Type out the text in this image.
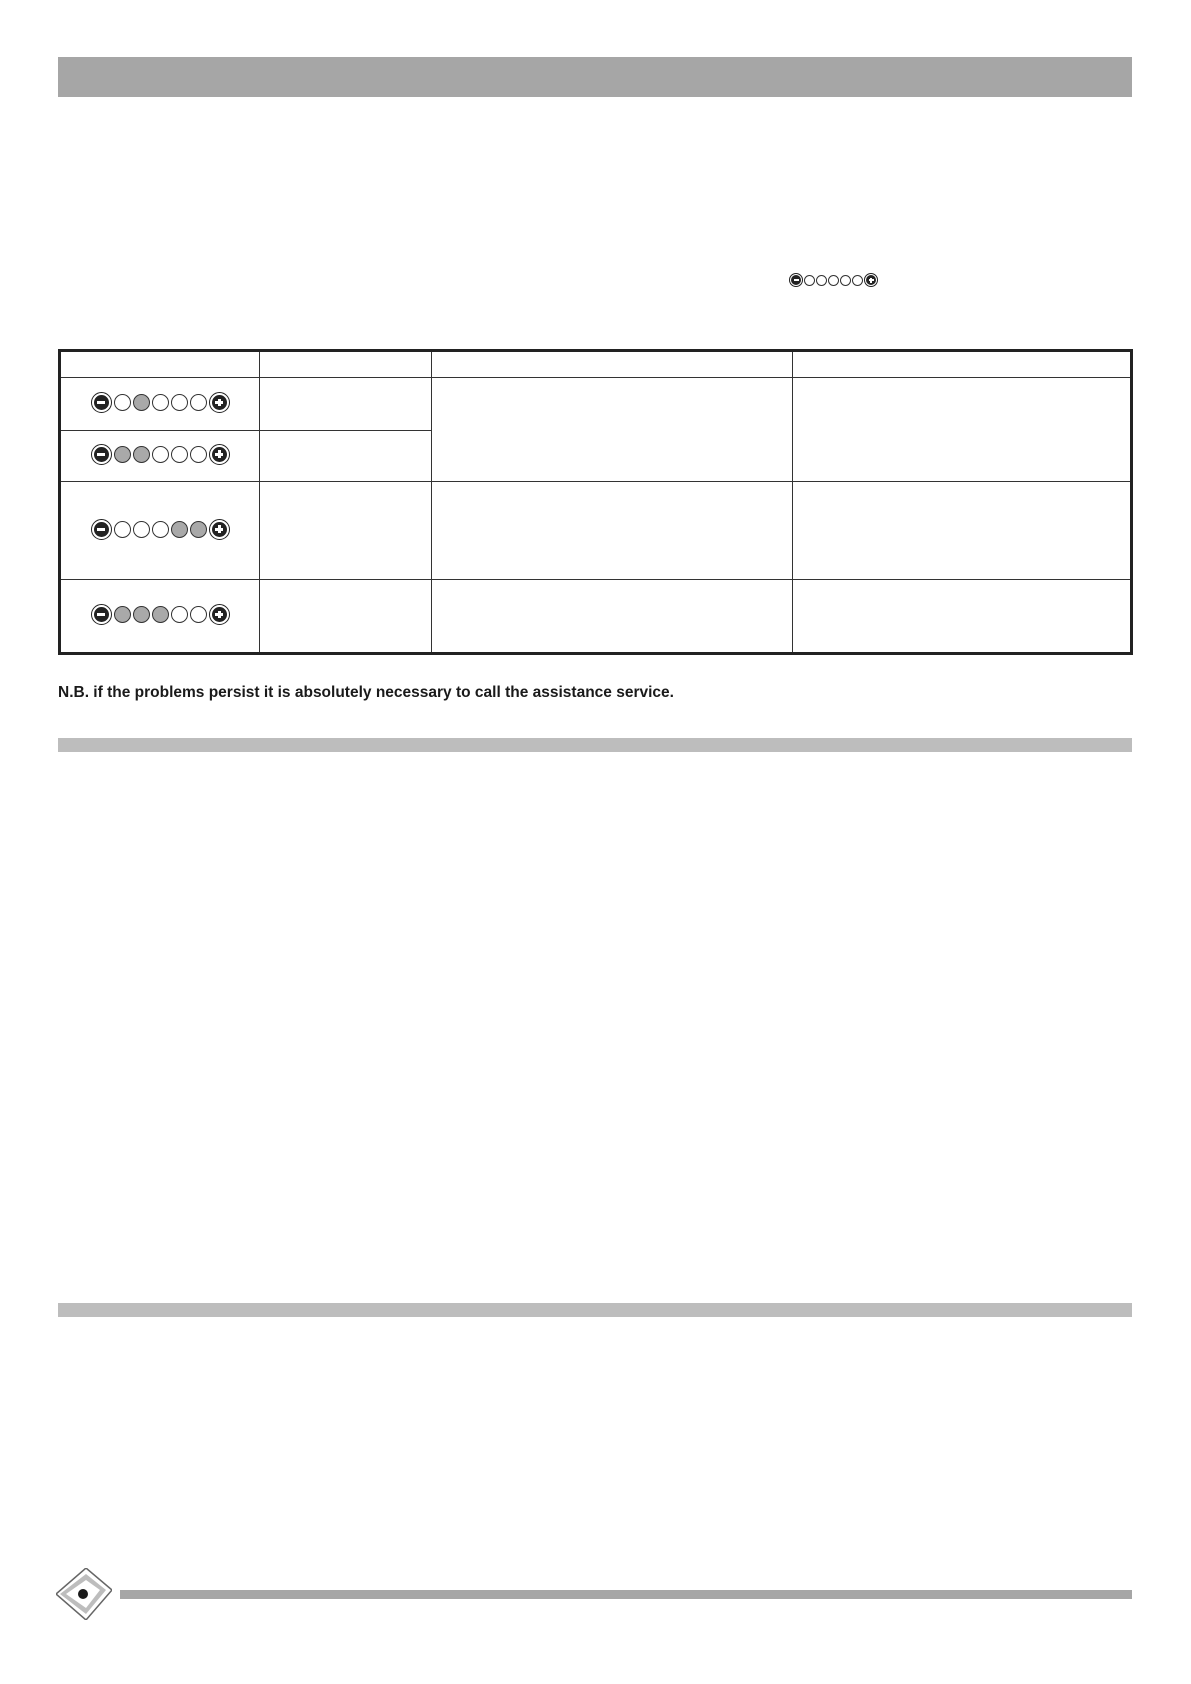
N.B. if the problems persist it is absolutely necessary to call the assistance service.
